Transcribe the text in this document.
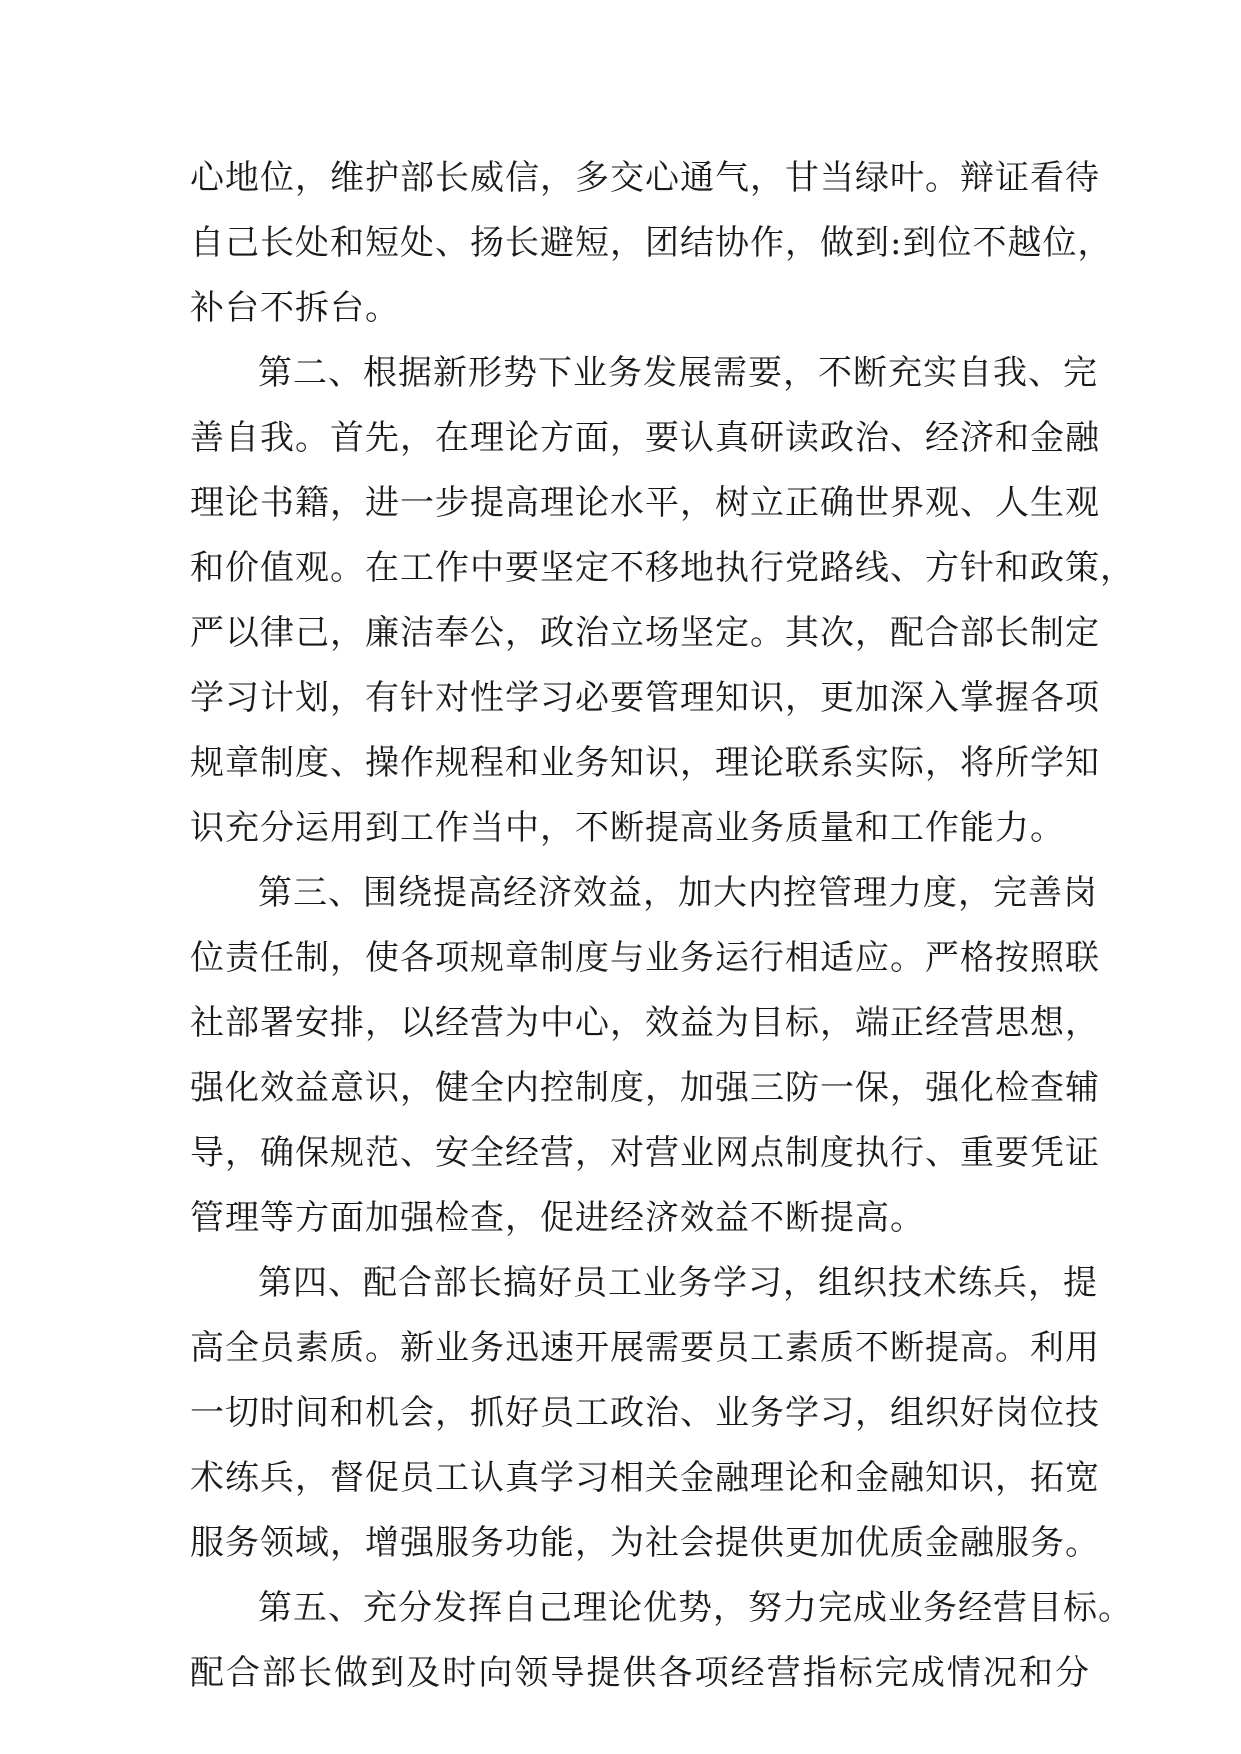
心地位，维护部长威信，多交心通气，甘当绿叶。辩证看待
自己长处和短处、扬长避短，团结协作，做到:到位不越位，
补台不拆台。
第二、根据新形势下业务发展需要，不断充实自我、完
善自我。首先，在理论方面，要认真研读政治、经济和金融
理论书籍，进一步提高理论水平，树立正确世界观、人生观
和价值观。在工作中要坚定不移地执行党路线、方针和政策，
严以律己，廉洁奉公，政治立场坚定。其次，配合部长制定
学习计划，有针对性学习必要管理知识，更加深入掌握各项
规章制度、操作规程和业务知识，理论联系实际，将所学知
识充分运用到工作当中，不断提高业务质量和工作能力。
第三、围绕提高经济效益，加大内控管理力度，完善岗
位责任制，使各项规章制度与业务运行相适应。严格按照联
社部署安排，以经营为中心，效益为目标，端正经营思想，
强化效益意识，健全内控制度，加强三防一保，强化检查辅
导，确保规范、安全经营，对营业网点制度执行、重要凭证
管理等方面加强检查，促进经济效益不断提高。
第四、配合部长搞好员工业务学习，组织技术练兵，提
高全员素质。新业务迅速开展需要员工素质不断提高。利用
一切时间和机会，抓好员工政治、业务学习，组织好岗位技
术练兵，督促员工认真学习相关金融理论和金融知识，拓宽
服务领域，增强服务功能，为社会提供更加优质金融服务。
第五、充分发挥自己理论优势，努力完成业务经营目标。
配合部长做到及时向领导提供各项经营指标完成情况和分
